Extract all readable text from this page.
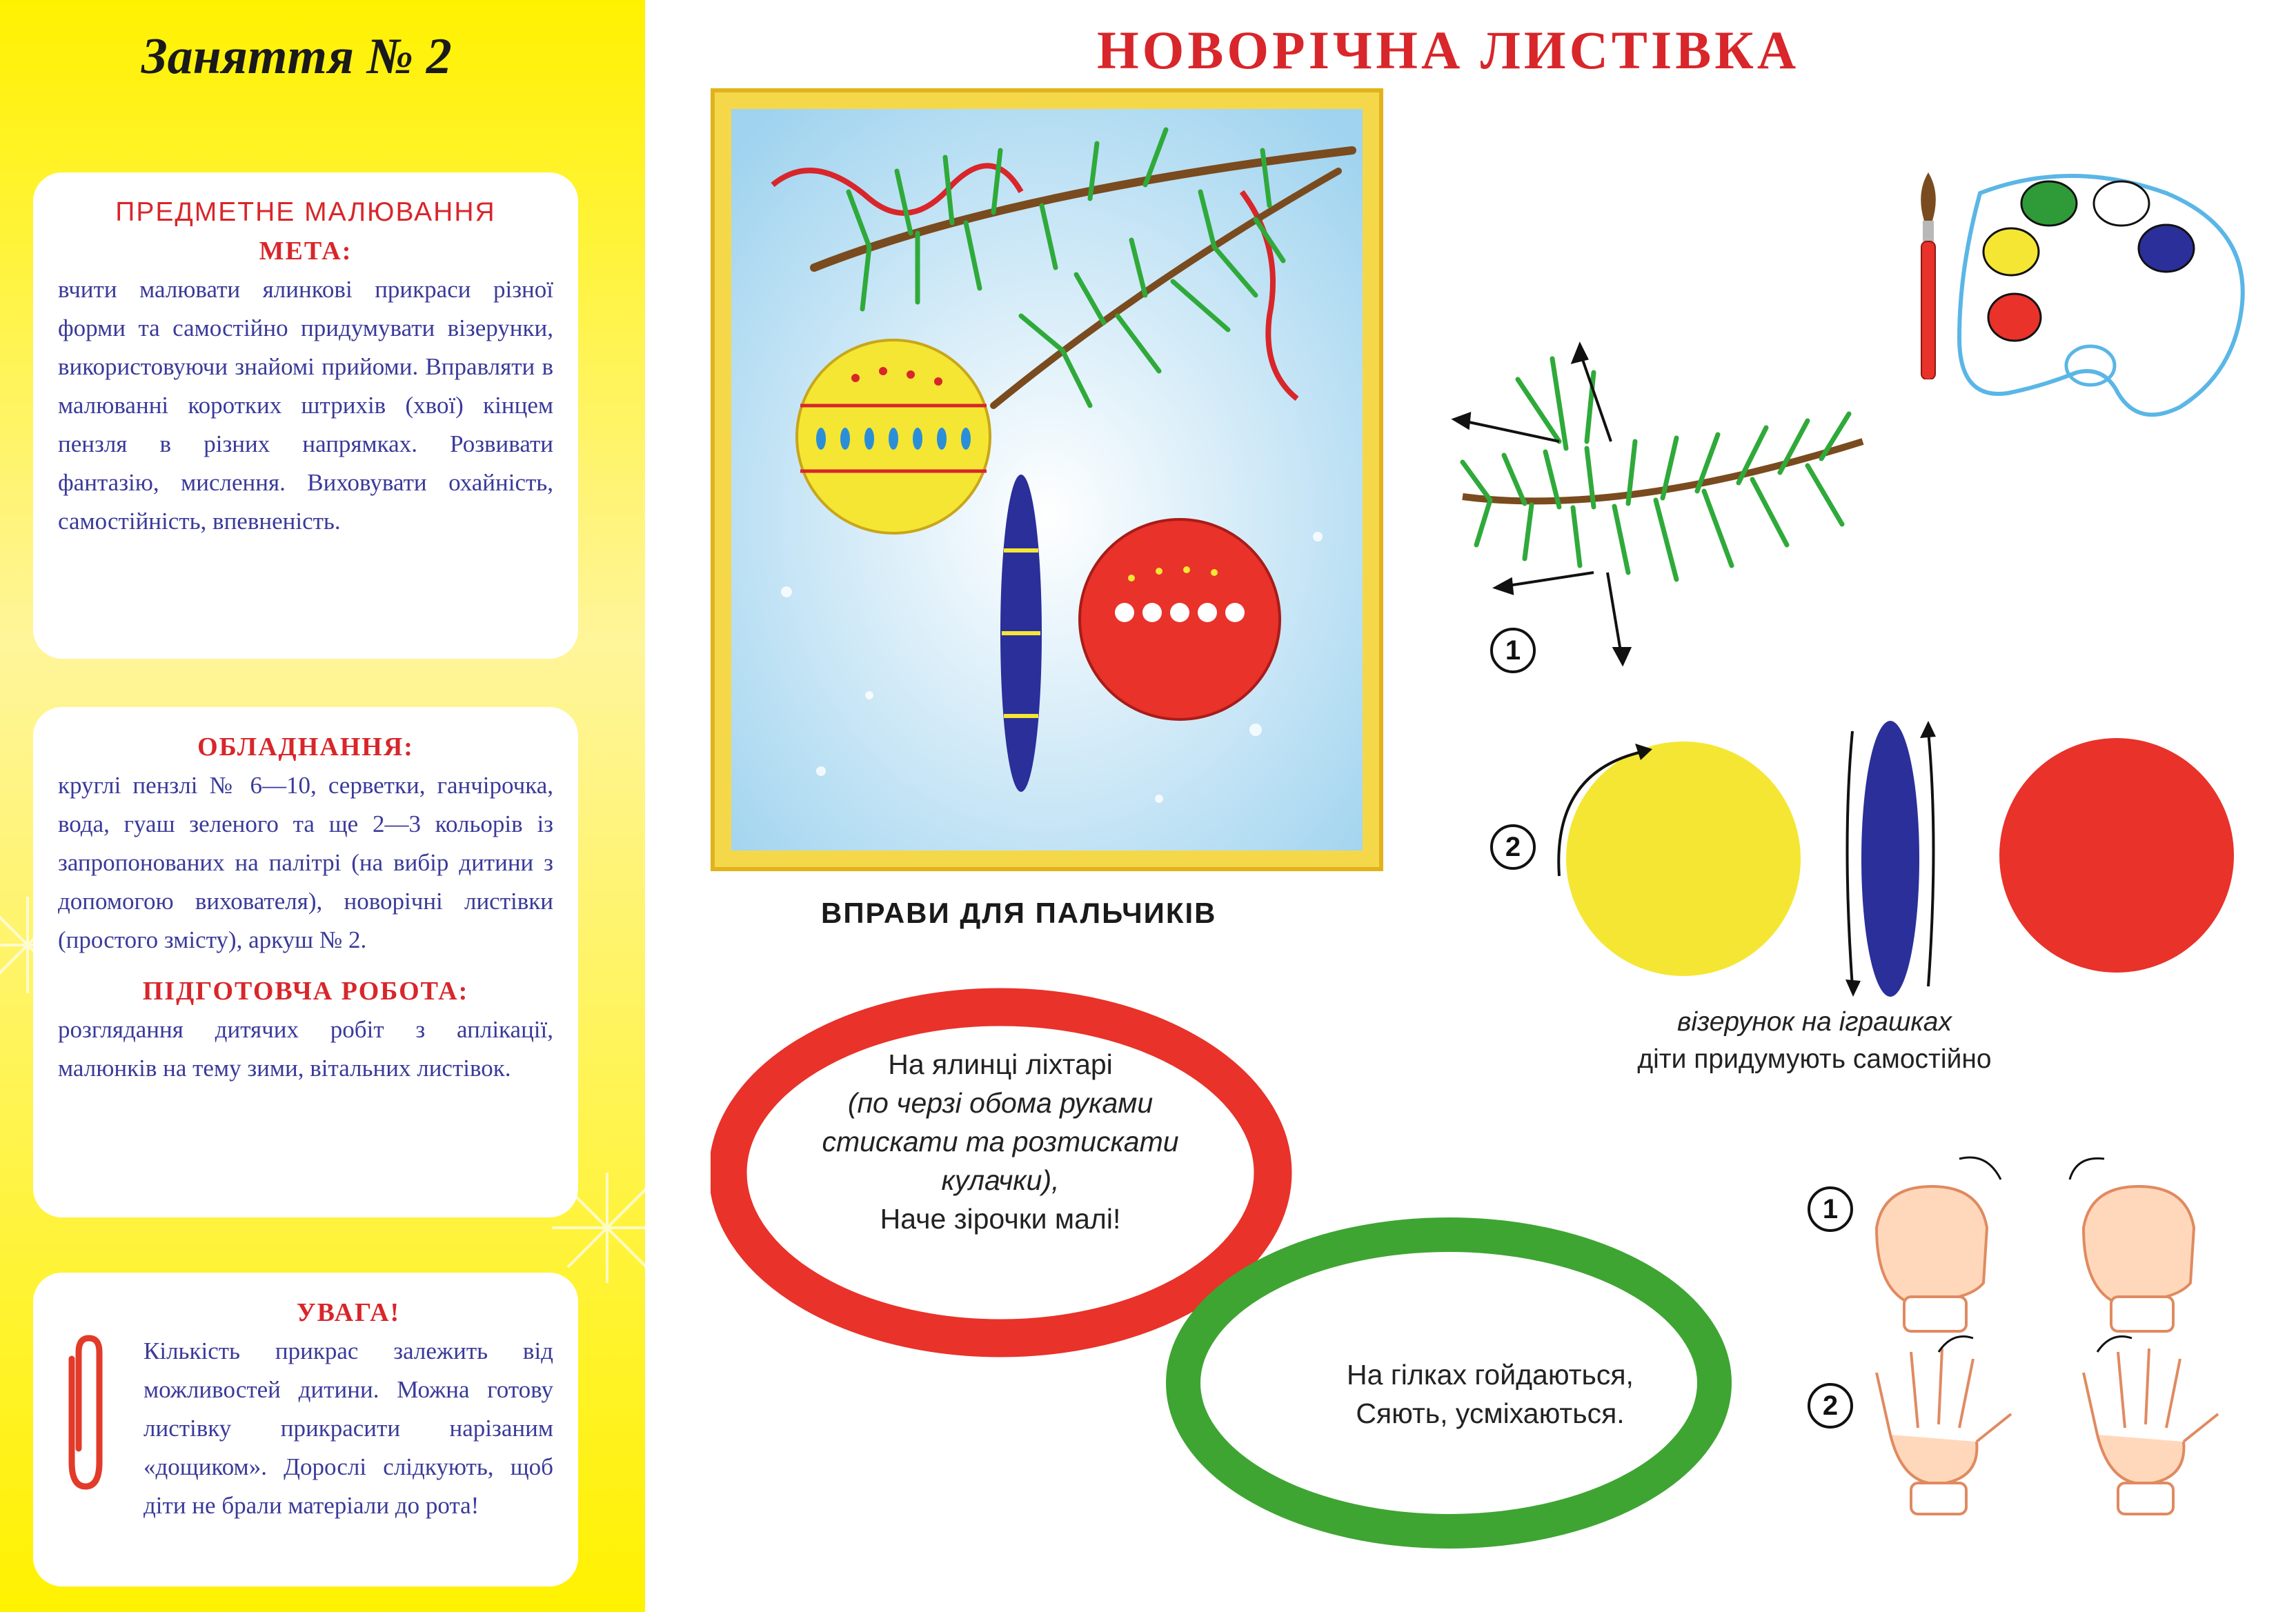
Заняття № 2

ПРЕДМЕТНЕ МАЛЮВАННЯ

МЕТА:

вчити малювати ялинкові прикраси різної форми та самостійно придумувати візерунки, використовуючи знайомі прийоми. Вправляти в малюванні коротких штрихів (хвої) кінцем пензля в різних напрямках. Розвивати фантазію, мислення. Виховувати охайність, самостійність, впевненість.

ОБЛАДНАННЯ:

круглі пензлі № 6—10, серветки, ганчірочка, вода, гуаш зеленого та ще 2—3 кольорів із запропонованих на палітрі (на вибір дитини з допомогою вихователя), новорічні листівки (простого змісту), аркуш № 2.

ПІДГОТОВЧА РОБОТА:

розглядання дитячих робіт з аплікації, малюнків на тему зими, вітальних листівок.

УВАГА!

Кількість прикрас залежить від можливостей дитини. Можна готову листівку прикрасити нарізаним «дощиком». Дорослі слідкують, щоб діти не брали матеріали до рота!

НОВОРІЧНА ЛИСТІВКА
1
2
візерунок на іграшках
діти придумують самостійно
ВПРАВИ ДЛЯ ПАЛЬЧИКІВ
На ялинці ліхтарі
(по черзі обома руками стискати та розтискати кулачки),
Наче зірочки малі!
На гілках гойдаються,
Сяють, усміхаються.
1
2
